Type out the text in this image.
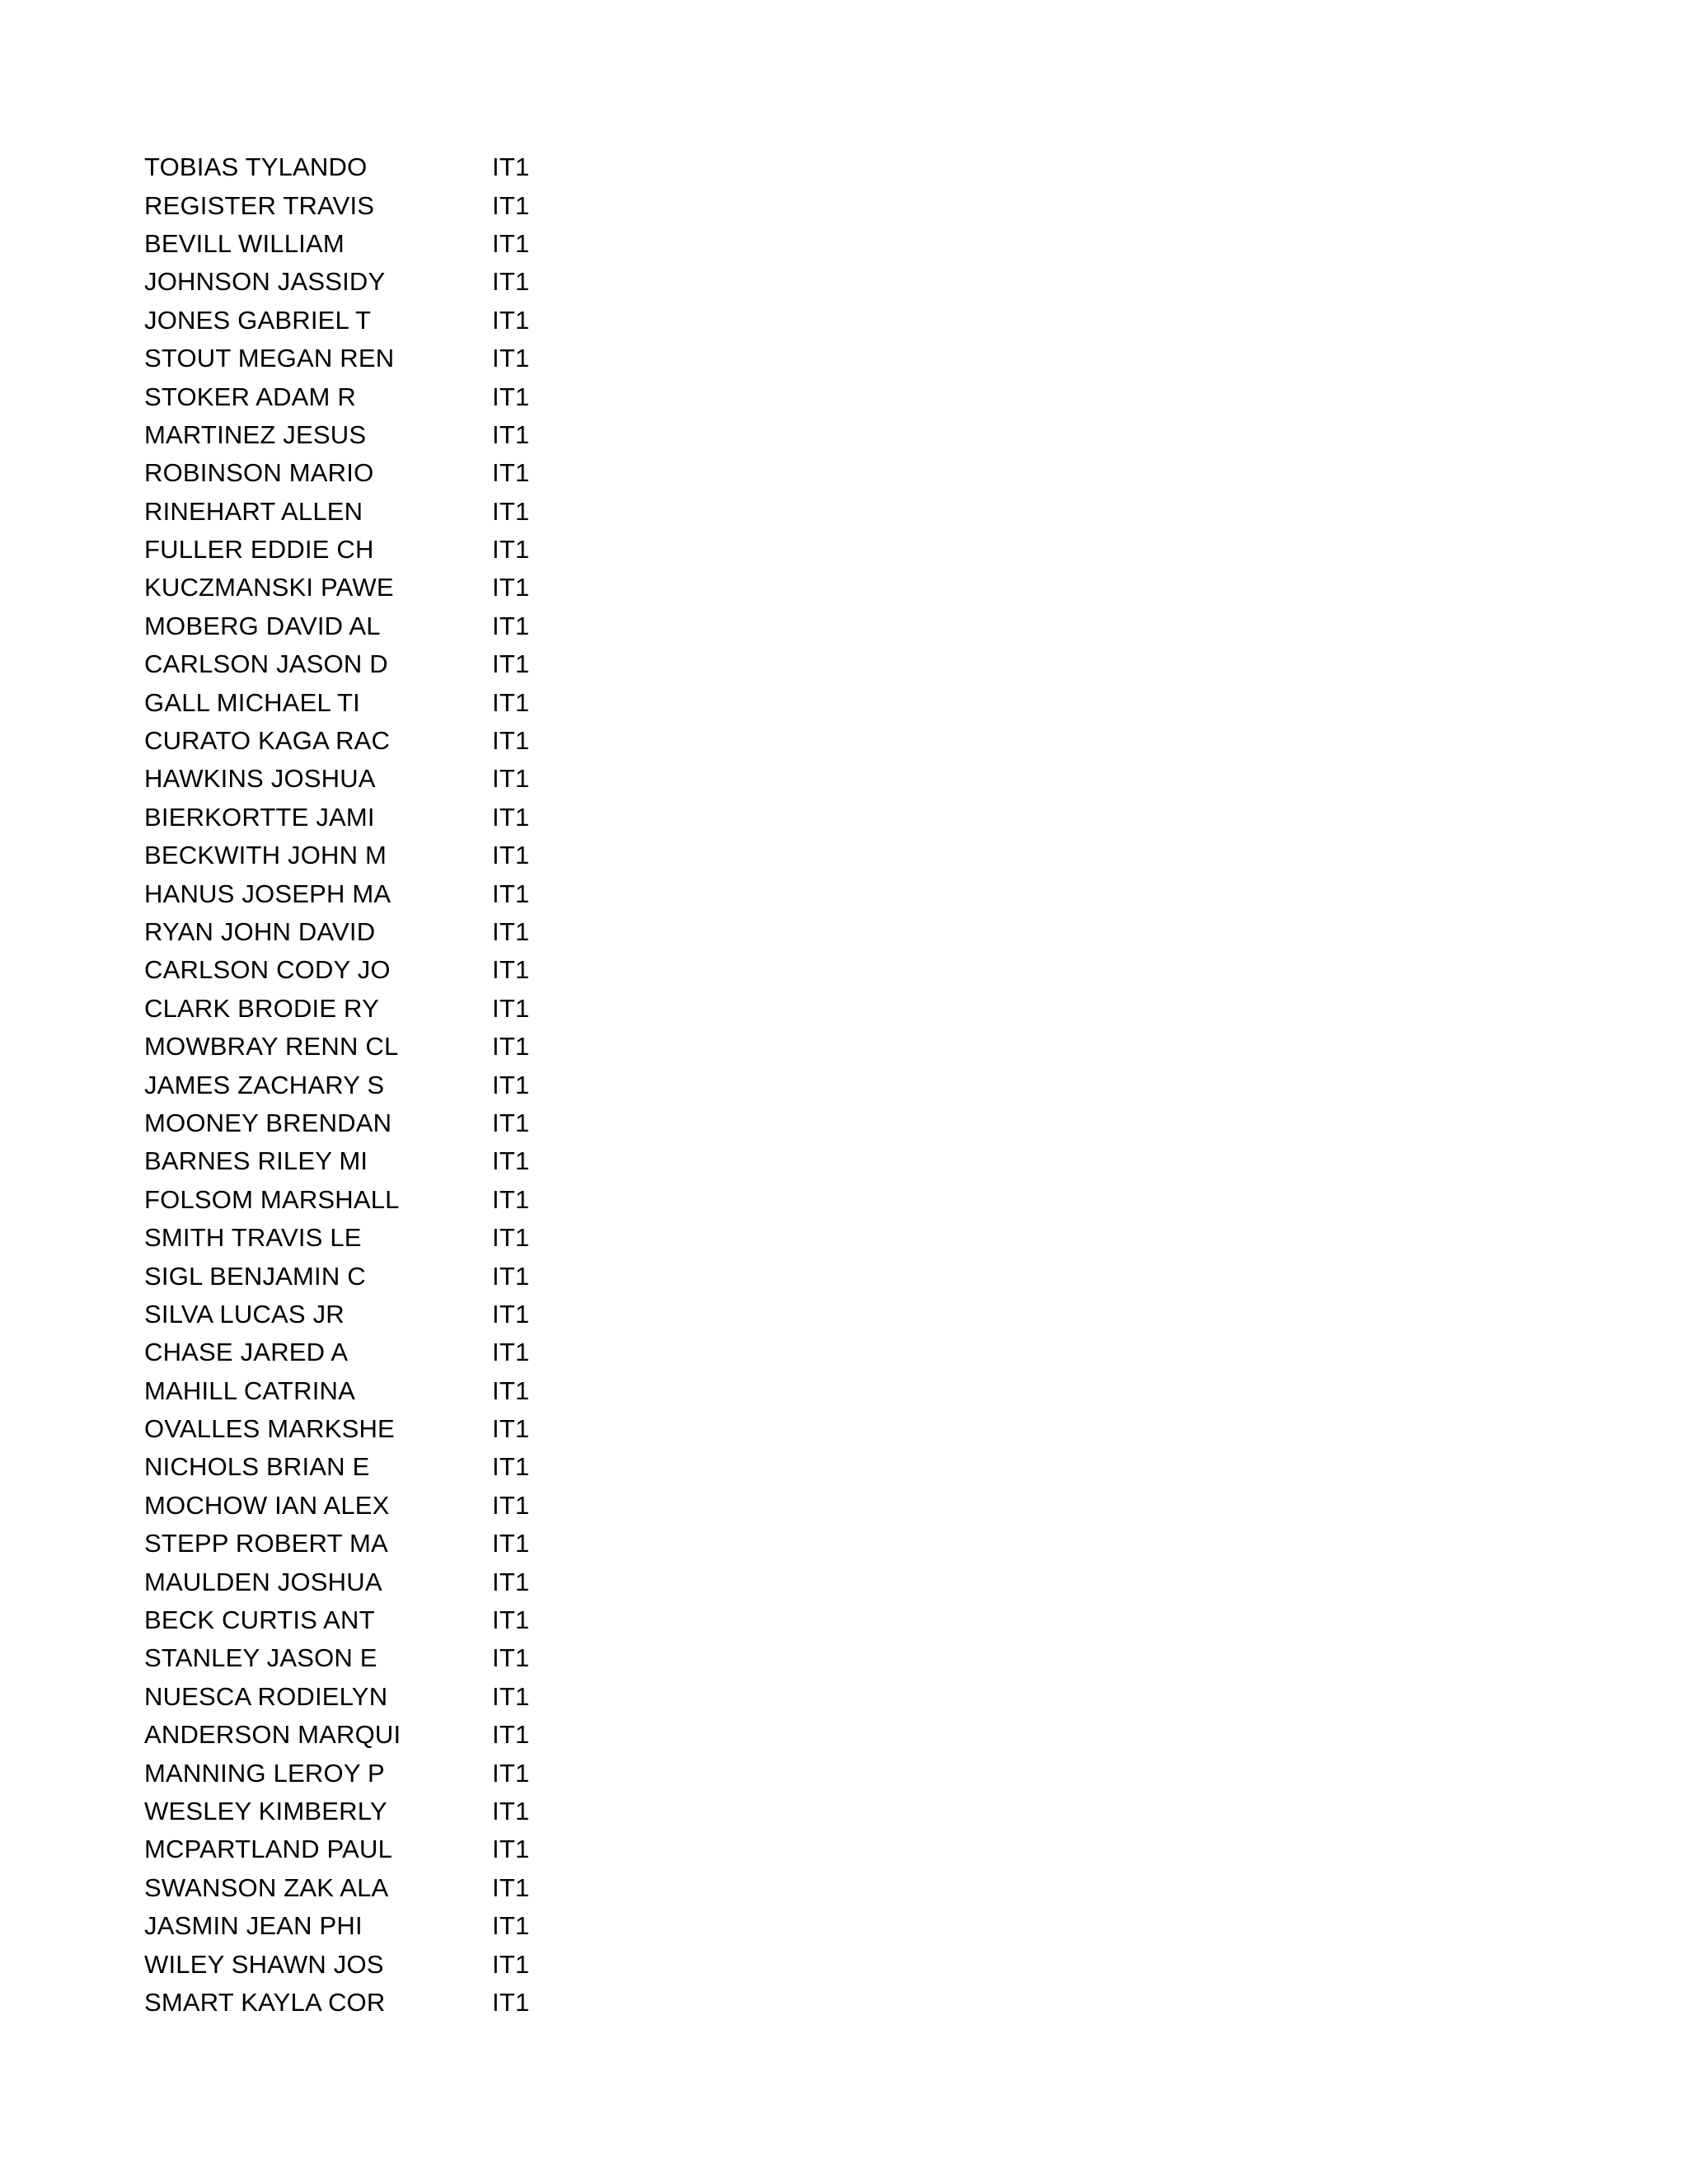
TOBIAS TYLANDO	IT1
REGISTER TRAVIS	IT1
BEVILL WILLIAM	IT1
JOHNSON JASSIDY	IT1
JONES GABRIEL T	IT1
STOUT MEGAN REN	IT1
STOKER ADAM R	IT1
MARTINEZ JESUS	IT1
ROBINSON MARIO	IT1
RINEHART ALLEN	IT1
FULLER EDDIE CH	IT1
KUCZMANSKI PAWE	IT1
MOBERG DAVID AL	IT1
CARLSON JASON D	IT1
GALL MICHAEL TI	IT1
CURATO KAGA RAC	IT1
HAWKINS JOSHUA	IT1
BIERKORTTE JAMI	IT1
BECKWITH JOHN M	IT1
HANUS JOSEPH MA	IT1
RYAN JOHN DAVID	IT1
CARLSON CODY JO	IT1
CLARK BRODIE RY	IT1
MOWBRAY RENN CL	IT1
JAMES ZACHARY S	IT1
MOONEY BRENDAN	IT1
BARNES RILEY MI	IT1
FOLSOM MARSHALL	IT1
SMITH TRAVIS LE	IT1
SIGL BENJAMIN C	IT1
SILVA LUCAS JR	IT1
CHASE JARED A	IT1
MAHILL CATRINA	IT1
OVALLES MARKSHE	IT1
NICHOLS BRIAN E	IT1
MOCHOW IAN ALEX	IT1
STEPP ROBERT MA	IT1
MAULDEN JOSHUA	IT1
BECK CURTIS ANT	IT1
STANLEY JASON E	IT1
NUESCA RODIELYN	IT1
ANDERSON MARQUI	IT1
MANNING LEROY P	IT1
WESLEY KIMBERLY	IT1
MCPARTLAND PAUL	IT1
SWANSON ZAK ALA	IT1
JASMIN JEAN PHI	IT1
WILEY SHAWN JOS	IT1
SMART KAYLA COR	IT1
